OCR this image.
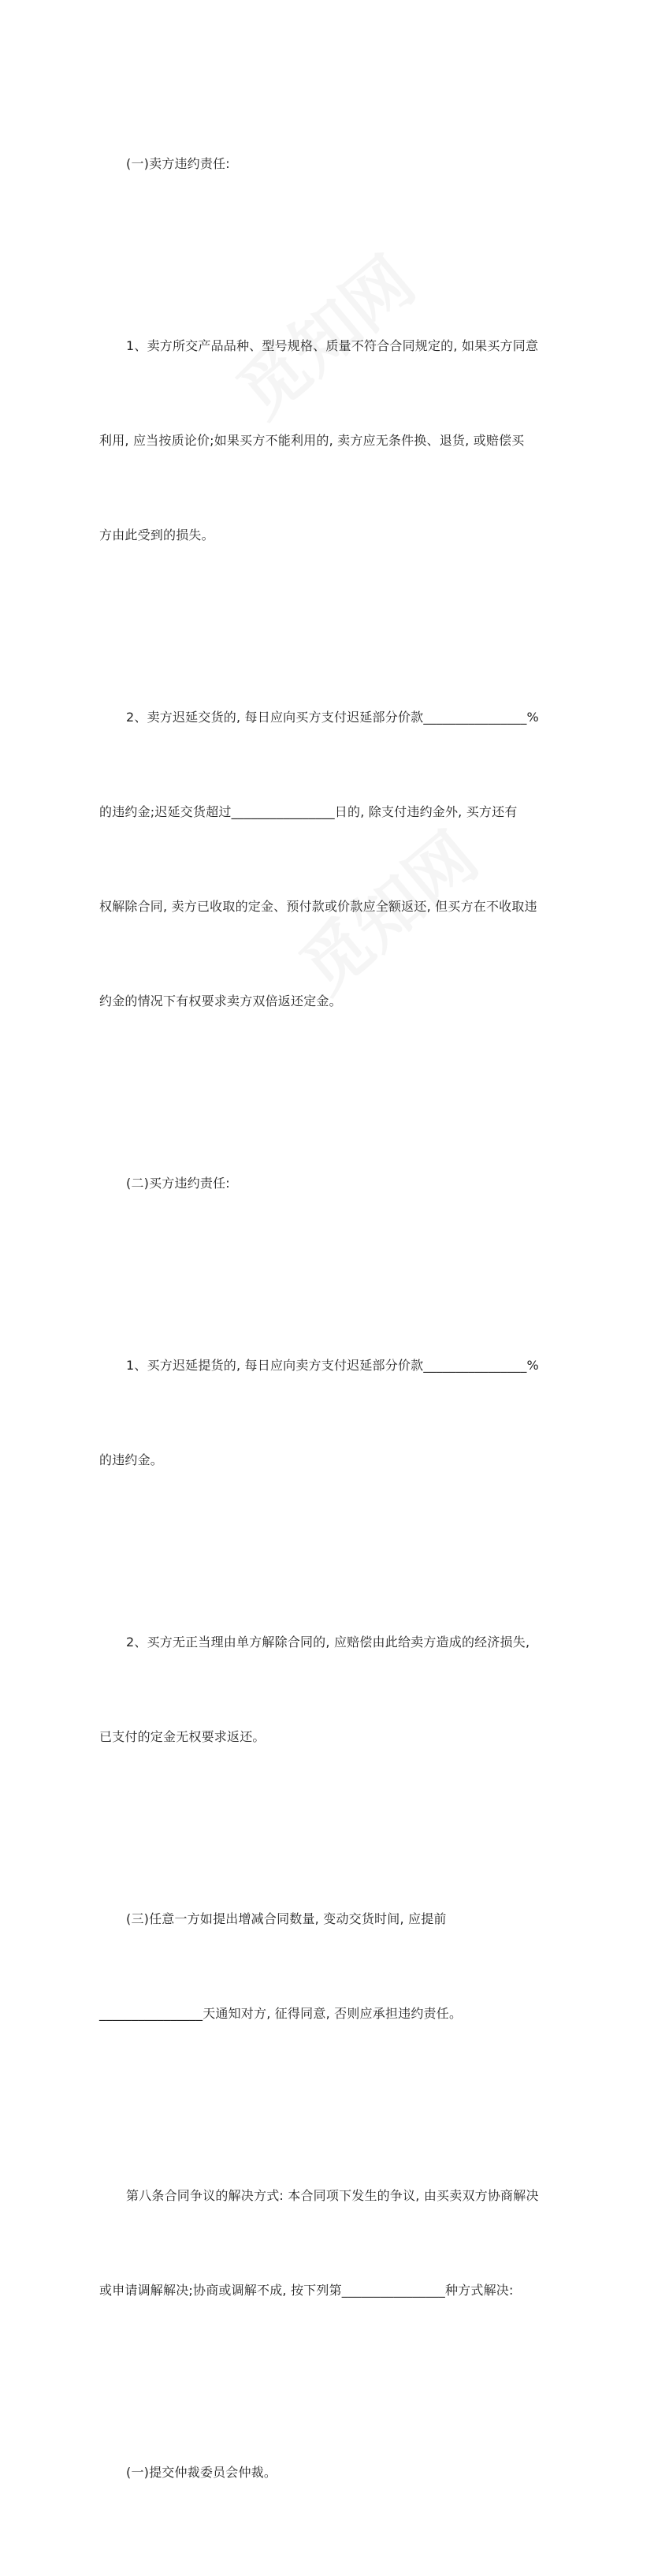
(一)卖方违约责任:

1、卖方所交产品品种、型号规格、质量不符合合同规定的, 如果买方同意

利用, 应当按质论价;如果买方不能利用的, 卖方应无条件换、退货, 或赔偿买

方由此受到的损失。

2、卖方迟延交货的, 每日应向买方支付迟延部分价款________________%

的违约金;迟延交货超过________________日的, 除支付违约金外, 买方还有

权解除合同, 卖方已收取的定金、预付款或价款应全额返还, 但买方在不收取违

约金的情况下有权要求卖方双倍返还定金。

(二)买方违约责任:

1、买方迟延提货的, 每日应向卖方支付迟延部分价款________________%

的违约金。

2、买方无正当理由单方解除合同的, 应赔偿由此给卖方造成的经济损失,

已支付的定金无权要求返还。

(三)任意一方如提出增减合同数量, 变动交货时间, 应提前

________________天通知对方, 征得同意, 否则应承担违约责任。

第八条合同争议的解决方式: 本合同项下发生的争议, 由买卖双方协商解决

或申请调解解决;协商或调解不成, 按下列第________________种方式解决:

(一)提交仲裁委员会仲裁。
